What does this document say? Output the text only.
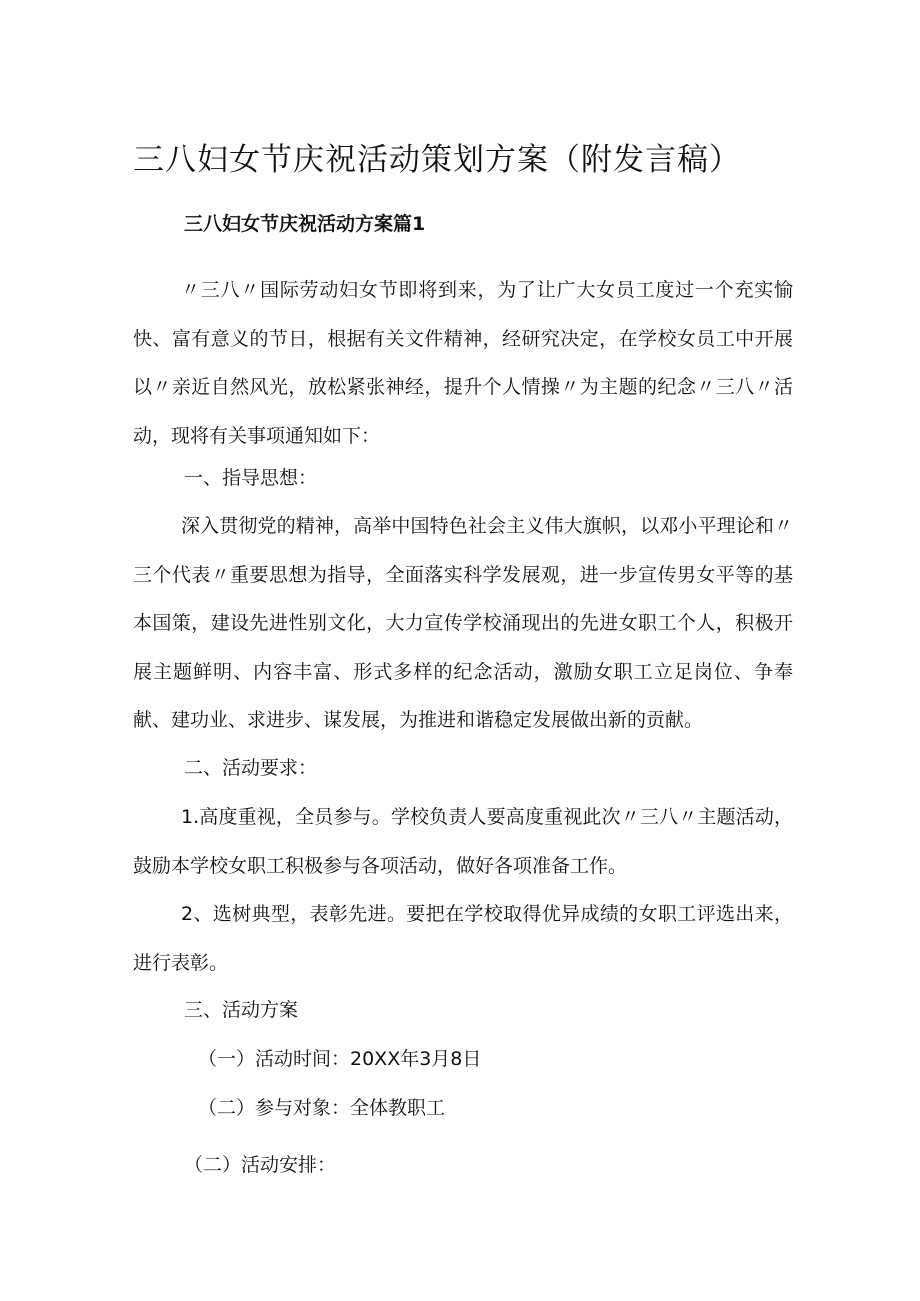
三八妇女节庆祝活动策划方案（附发言稿）
三八妇女节庆祝活动方案篇1

〃三八〃国际劳动妇女节即将到来，为了让广大女员工度过一个充实愉快、富有意义的节日，根据有关文件精神，经研究决定，在学校女员工中开展以〃亲近自然风光，放松紧张神经，提升个人情操〃为主题的纪念〃三八〃活动，现将有关事项通知如下：

一、指导思想：

深入贯彻党的精神，高举中国特色社会主义伟大旗帜，以邓小平理论和〃三个代表〃重要思想为指导，全面落实科学发展观，进一步宣传男女平等的基本国策，建设先进性别文化，大力宣传学校涌现出的先进女职工个人，积极开展主题鲜明、内容丰富、形式多样的纪念活动，激励女职工立足岗位、争奉献、建功业、求进步、谋发展，为推进和谐稳定发展做出新的贡献。

二、活动要求：

1.高度重视，全员参与。学校负责人要高度重视此次〃三八〃主题活动，鼓励本学校女职工积极参与各项活动，做好各项准备工作。

2、选树典型，表彰先进。要把在学校取得优异成绩的女职工评选出来，进行表彰。

三、活动方案

（一）活动时间：20XX年3月8日

（二）参与对象：全体教职工

（二）活动安排：
